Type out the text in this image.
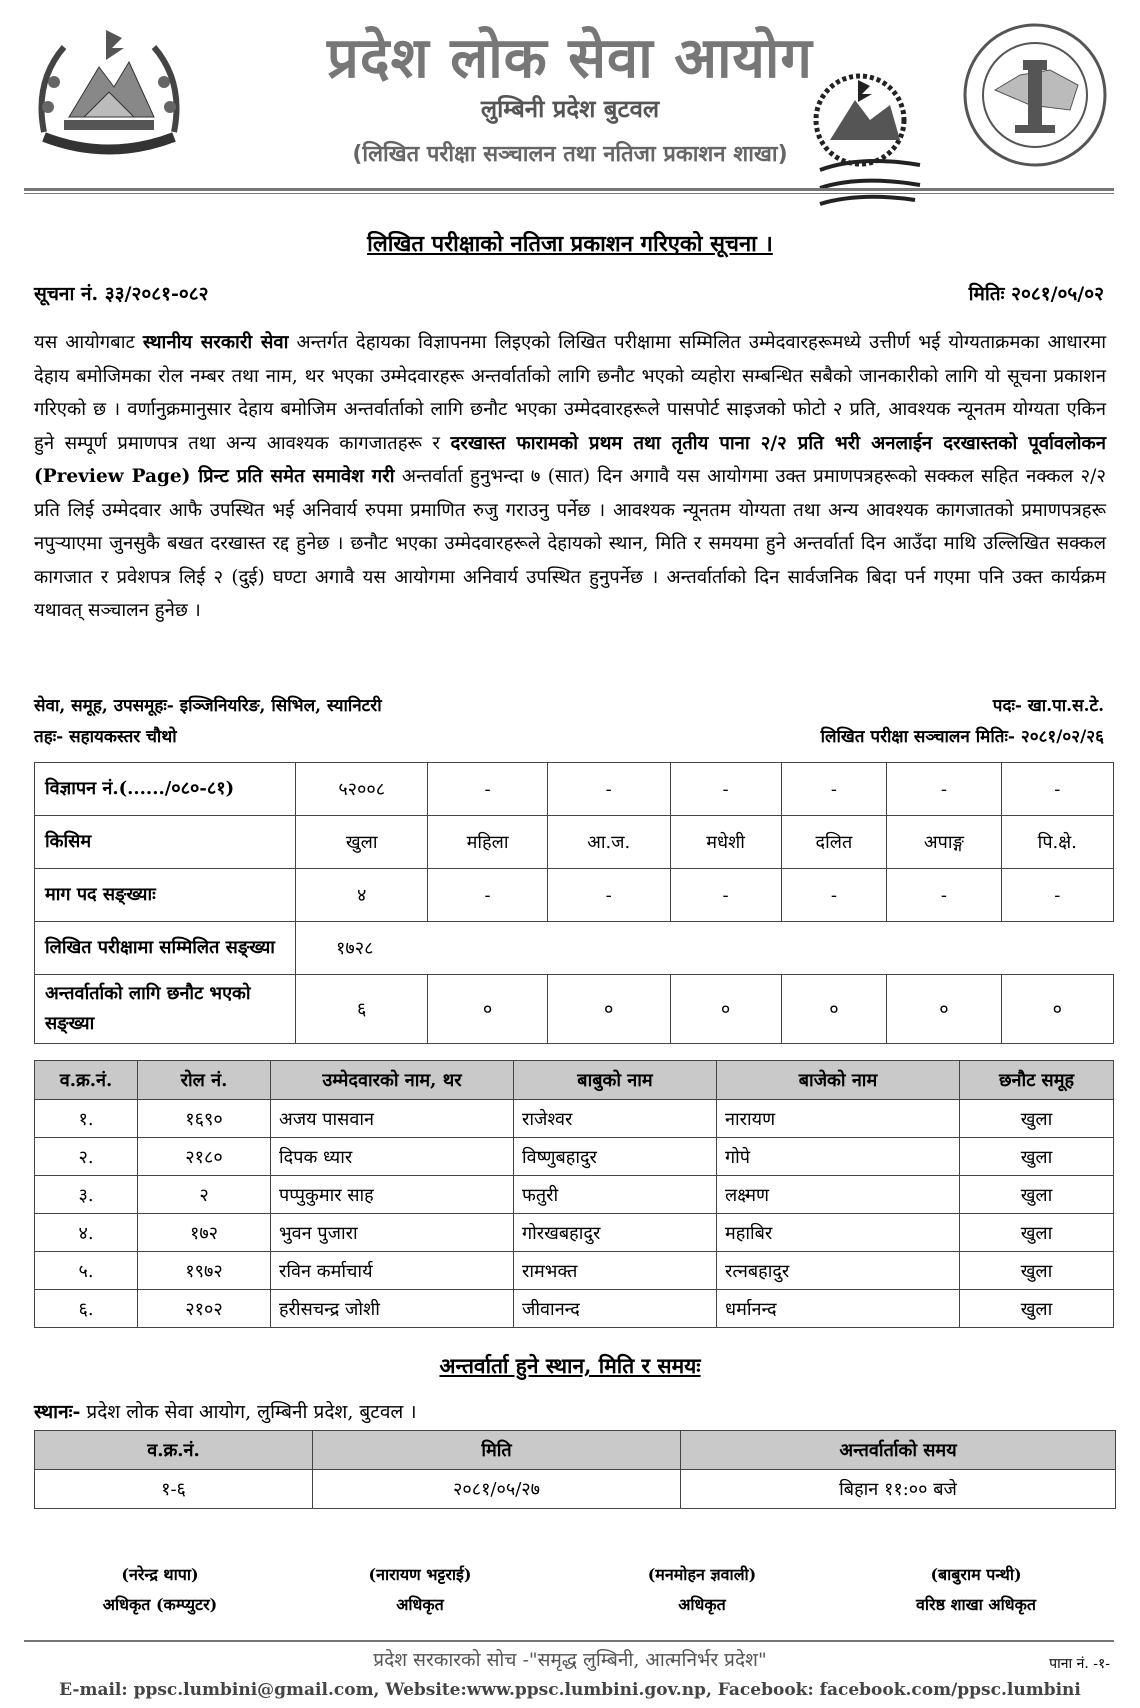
प्रदेश लोक सेवा आयोग
लुम्बिनी प्रदेश बुटवल
(लिखित परीक्षा सञ्चालन तथा नतिजा प्रकाशन शाखा)
लिखित परीक्षाको नतिजा प्रकाशन गरिएको सूचना ।
सूचना नं. ३३/२०८१-०८२	मितिः २०८१/०५/०२
यस आयोगबाट स्थानीय सरकारी सेवा अन्तर्गत देहायका विज्ञापनमा लिइएको लिखित परीक्षामा सम्मिलित उम्मेदवारहरूमध्ये उत्तीर्ण भई योग्यताक्रमका आधारमा देहाय बमोजिमका रोल नम्बर तथा नाम, थर भएका उम्मेदवारहरू अन्तर्वार्ताको लागि छनौट भएको व्यहोरा सम्बन्धित सबैको जानकारीको लागि यो सूचना प्रकाशन गरिएको छ । वर्णानुक्रमानुसार देहाय बमोजिम अन्तर्वार्ताको लागि छनौट भएका उम्मेदवारहरूले पासपोर्ट साइजको फोटो २ प्रति, आवश्यक न्यूनतम योग्यता एकिन हुने सम्पूर्ण प्रमाणपत्र तथा अन्य आवश्यक कागजातहरू र दरखास्त फारामको प्रथम तथा तृतीय पाना २/२ प्रति भरी अनलाईन दरखास्तको पूर्वावलोकन (Preview Page) प्रिन्ट प्रति समेत समावेश गरी अन्तर्वार्ता हुनुभन्दा ७ (सात) दिन अगावै यस आयोगमा उक्त प्रमाणपत्रहरूको सक्कल सहित नक्कल २/२ प्रति लिई उम्मेदवार आफै उपस्थित भई अनिवार्य रुपमा प्रमाणित रुजु गराउनु पर्नेछ । आवश्यक न्यूनतम योग्यता तथा अन्य आवश्यक कागजातको प्रमाणपत्रहरू नपुऱ्याएमा जुनसुकै बखत दरखास्त रद्द हुनेछ । छनौट भएका उम्मेदवारहरूले देहायको स्थान, मिति र समयमा हुने अन्तर्वार्ता दिन आउँदा माथि उल्लिखित सक्कल कागजात र प्रवेशपत्र लिई २ (दुई) घण्टा अगावै यस आयोगमा अनिवार्य उपस्थित हुनुपर्नेछ । अन्तर्वार्ताको दिन सार्वजनिक बिदा पर्न गएमा पनि उक्त कार्यक्रम यथावत् सञ्चालन हुनेछ ।
सेवा, समूह, उपसमूहः- इञ्जिनियरिङ, सिभिल, स्यानिटरी	पदः- खा.पा.स.टे.
तहः- सहायकस्तर चौथो	लिखित परीक्षा सञ्चालन मितिः- २०८१/०२/२६
विज्ञापन नं.(....../०८०-८१)	५२००८	-	-	-	-	-	-
किसिम	खुला	महिला	आ.ज.	मधेशी	दलित	अपाङ्ग	पि.क्षे.
माग पद सङ्ख्याः	४	-	-	-	-	-	-
लिखित परीक्षामा सम्मिलित सङ्ख्या	१७२८						
अन्तर्वार्ताको लागि छनौट भएको सङ्ख्या	६	०	०	०	०	०	०
व.क्र.नं.	रोल नं.	उम्मेदवारको नाम, थर	बाबुको नाम	बाजेको नाम	छनौट समूह
१.	१६९०	अजय पासवान	राजेश्वर	नारायण	खुला
२.	२१८०	दिपक ध्यार	विष्णुबहादुर	गोपे	खुला
३.	२	पप्पुकुमार साह	फतुरी	लक्ष्मण	खुला
४.	१७२	भुवन पुजारा	गोरखबहादुर	महाबिर	खुला
५.	१९७२	रविन कर्माचार्य	रामभक्त	रत्नबहादुर	खुला
६.	२१०२	हरीसचन्द्र जोशी	जीवानन्द	धर्मानन्द	खुला
अन्तर्वार्ता हुने स्थान, मिति र समयः
स्थानः- प्रदेश लोक सेवा आयोग, लुम्बिनी प्रदेश, बुटवल ।
व.क्र.नं.	मिति	अन्तर्वार्ताको समय
१-६	२०८१/०५/२७	बिहान ११:०० बजे
(नरेन्द्र थापा)
अधिकृत (कम्प्युटर)
(नारायण भट्टराई)
अधिकृत
(मनमोहन ज्ञवाली)
अधिकृत
(बाबुराम पन्थी)
वरिष्ठ शाखा अधिकृत
प्रदेश सरकारको सोच -"समृद्ध लुम्बिनी, आत्मनिर्भर प्रदेश"	पाना नं. -१-
E-mail: ppsc.lumbini@gmail.com, Website:www.ppsc.lumbini.gov.np, Facebook: facebook.com/ppsc.lumbini
